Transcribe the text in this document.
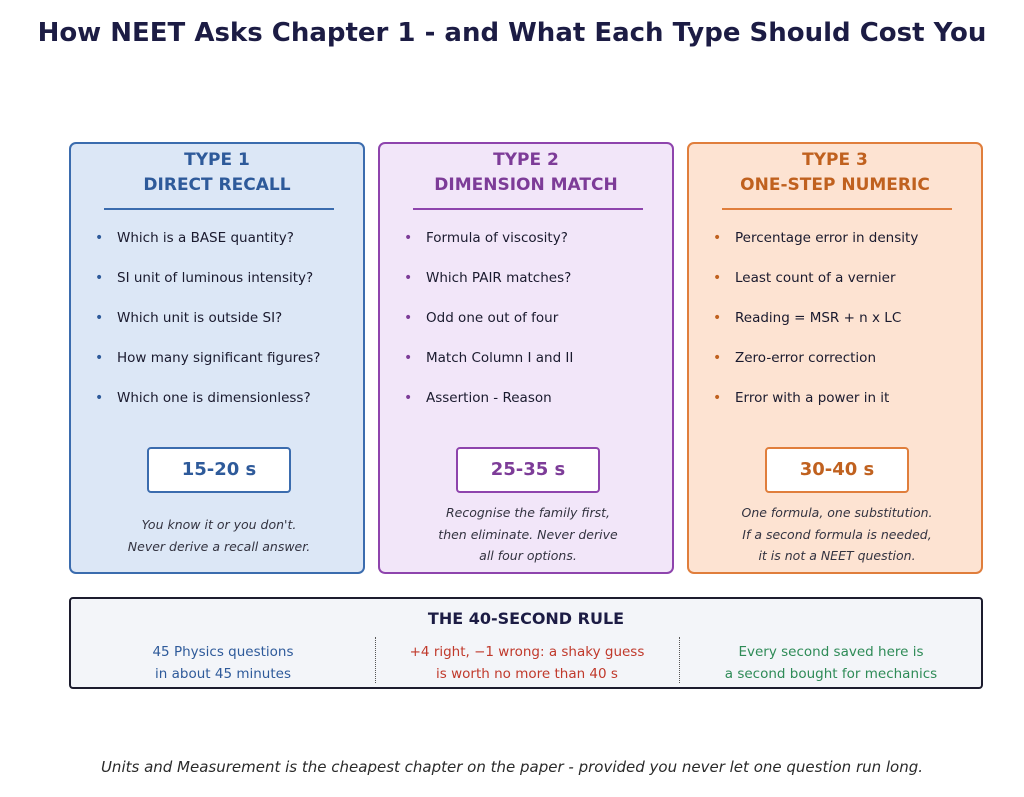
How NEET Asks Chapter 1 - and What Each Type Should Cost You
TYPE 1
DIRECT RECALL
• Which is a BASE quantity?
• SI unit of luminous intensity?
• Which unit is outside SI?
• How many significant figures?
• Which one is dimensionless?
15-20 s
You know it or you don't.
Never derive a recall answer.
TYPE 2
DIMENSION MATCH
• Formula of viscosity?
• Which PAIR matches?
• Odd one out of four
• Match Column I and II
• Assertion - Reason
25-35 s
Recognise the family first,
then eliminate. Never derive
all four options.
TYPE 3
ONE-STEP NUMERIC
• Percentage error in density
• Least count of a vernier
• Reading = MSR + n x LC
• Zero-error correction
• Error with a power in it
30-40 s
One formula, one substitution.
If a second formula is needed,
it is not a NEET question.
THE 40-SECOND RULE
45 Physics questions
in about 45 minutes
+4 right, −1 wrong: a shaky guess
is worth no more than 40 s
Every second saved here is
a second bought for mechanics
Units and Measurement is the cheapest chapter on the paper - provided you never let one question run long.
